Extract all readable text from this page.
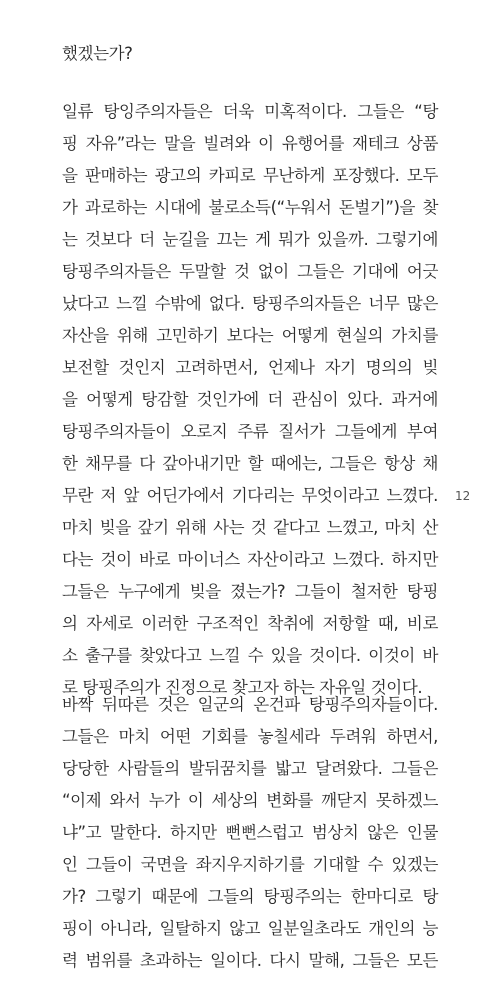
했겠는가?
일류 탕잉주의자들은 더욱 미혹적이다. 그들은 “탕
핑 자유”라는 말을 빌려와 이 유행어를 재테크 상품
을 판매하는 광고의 카피로 무난하게 포장했다. 모두
가 과로하는 시대에 불로소득(“누워서 돈벌기”)을 찾
는 것보다 더 눈길을 끄는 게 뭐가 있을까. 그렇기에
탕핑주의자들은 두말할 것 없이 그들은 기대에 어긋
났다고 느낄 수밖에 없다. 탕핑주의자들은 너무 많은
자산을 위해 고민하기 보다는 어떻게 현실의 가치를
보전할 것인지 고려하면서, 언제나 자기 명의의 빚
을 어떻게 탕감할 것인가에 더 관심이 있다. 과거에
탕핑주의자들이 오로지 주류 질서가 그들에게 부여
한 채무를 다 갚아내기만 할 때에는, 그들은 항상 채
무란 저 앞 어딘가에서 기다리는 무엇이라고 느꼈다.
마치 빚을 갚기 위해 사는 것 같다고 느꼈고, 마치 산
다는 것이 바로 마이너스 자산이라고 느꼈다. 하지만
그들은 누구에게 빚을 졌는가? 그들이 철저한 탕핑
의 자세로 이러한 구조적인 착취에 저항할 때, 비로
소 출구를 찾았다고 느낄 수 있을 것이다. 이것이 바
로 탕핑주의가 진정으로 찾고자 하는 자유일 것이다.
바짝 뒤따른 것은 일군의 온건파 탕핑주의자들이다.
그들은 마치 어떤 기회를 놓칠세라 두려워 하면서,
당당한 사람들의 발뒤꿈치를 밟고 달려왔다. 그들은
“이제 와서 누가 이 세상의 변화를 깨닫지 못하겠느
냐”고 말한다. 하지만 뻔뻔스럽고 범상치 않은 인물
인 그들이 국면을 좌지우지하기를 기대할 수 있겠는
가? 그렇기 때문에 그들의 탕핑주의는 한마디로 탕
핑이 아니라, 일탈하지 않고 일분일초라도 개인의 능
력 범위를 초과하는 일이다. 다시 말해, 그들은 모든
12
